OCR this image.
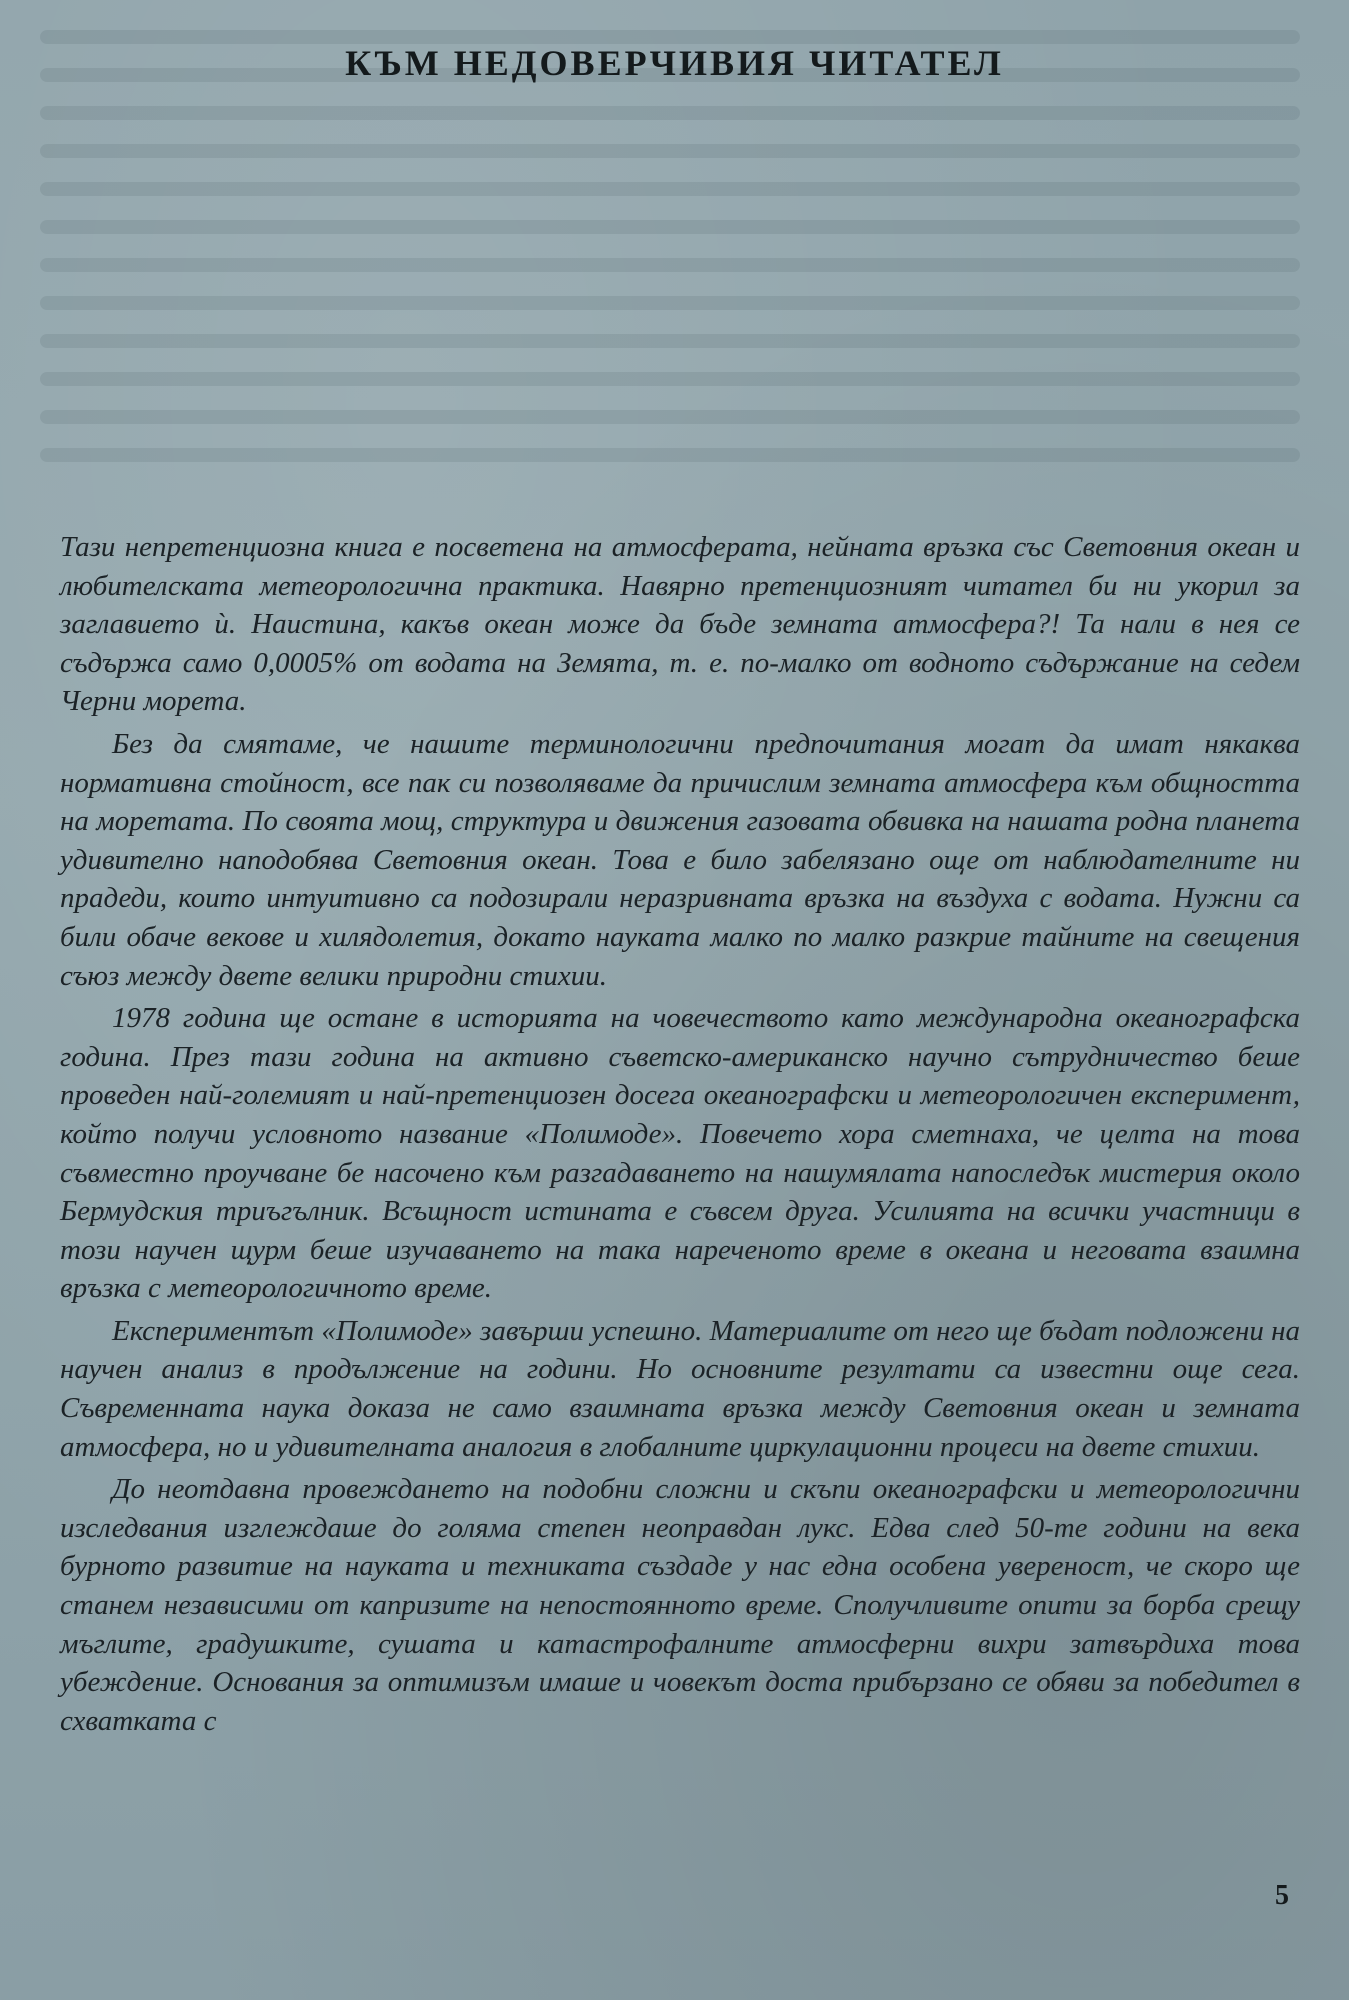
КЪМ НЕДОВЕРЧИВИЯ ЧИТАТЕЛ

Тази непретенциозна книга е посветена на атмосферата, нейната връзка със Световния океан и любителската метеорологична практика. Навярно претенциозният читател би ни укорил за заглавието ѝ. Наистина, какъв океан може да бъде земната атмосфера?! Та нали в нея се съдържа само 0,0005% от водата на Земята, т. е. по-малко от водното съдържание на седем Черни морета.

Без да смятаме, че нашите терминологични предпочитания могат да имат някаква нормативна стойност, все пак си позволяваме да причислим земната атмосфера към общността на моретата. По своята мощ, структура и движения газовата обвивка на нашата родна планета удивително наподобява Световния океан. Това е било забелязано още от наблюдателните ни прадеди, които интуитивно са подозирали неразривната връзка на въздуха с водата. Нужни са били обаче векове и хилядолетия, докато науката малко по малко разкрие тайните на свещения съюз между двете велики природни стихии.

1978 година ще остане в историята на човечеството като международна океанографска година. През тази година на активно съветско-американско научно сътрудничество беше проведен най-големият и най-претенциозен досега океанографски и метеорологичен експеримент, който получи условното название «Полимоде». Повечето хора сметнаха, че целта на това съвместно проучване бе насочено към разгадаването на нашумялата напоследък мистерия около Бермудския триъгълник. Всъщност истината е съвсем друга. Усилията на всички участници в този научен щурм беше изучаването на така нареченото време в океана и неговата взаимна връзка с метеорологичното време.

Експериментът «Полимоде» завърши успешно. Материалите от него ще бъдат подложени на научен анализ в продължение на години. Но основните резултати са известни още сега. Съвременната наука доказа не само взаимната връзка между Световния океан и земната атмосфера, но и удивителната аналогия в глобалните циркулационни процеси на двете стихии.

До неотдавна провеждането на подобни сложни и скъпи океанографски и метеорологични изследвания изглеждаше до голяма степен неоправдан лукс. Едва след 50-те години на века бурното развитие на науката и техниката създаде у нас една особена увереност, че скоро ще станем независими от капризите на непостоянното време. Сполучливите опити за борба срещу мъглите, градушките, сушата и катастрофалните атмосферни вихри затвърдиха това убеждение. Основания за оптимизъм имаше и човекът доста прибързано се обяви за победител в схватката с

5
